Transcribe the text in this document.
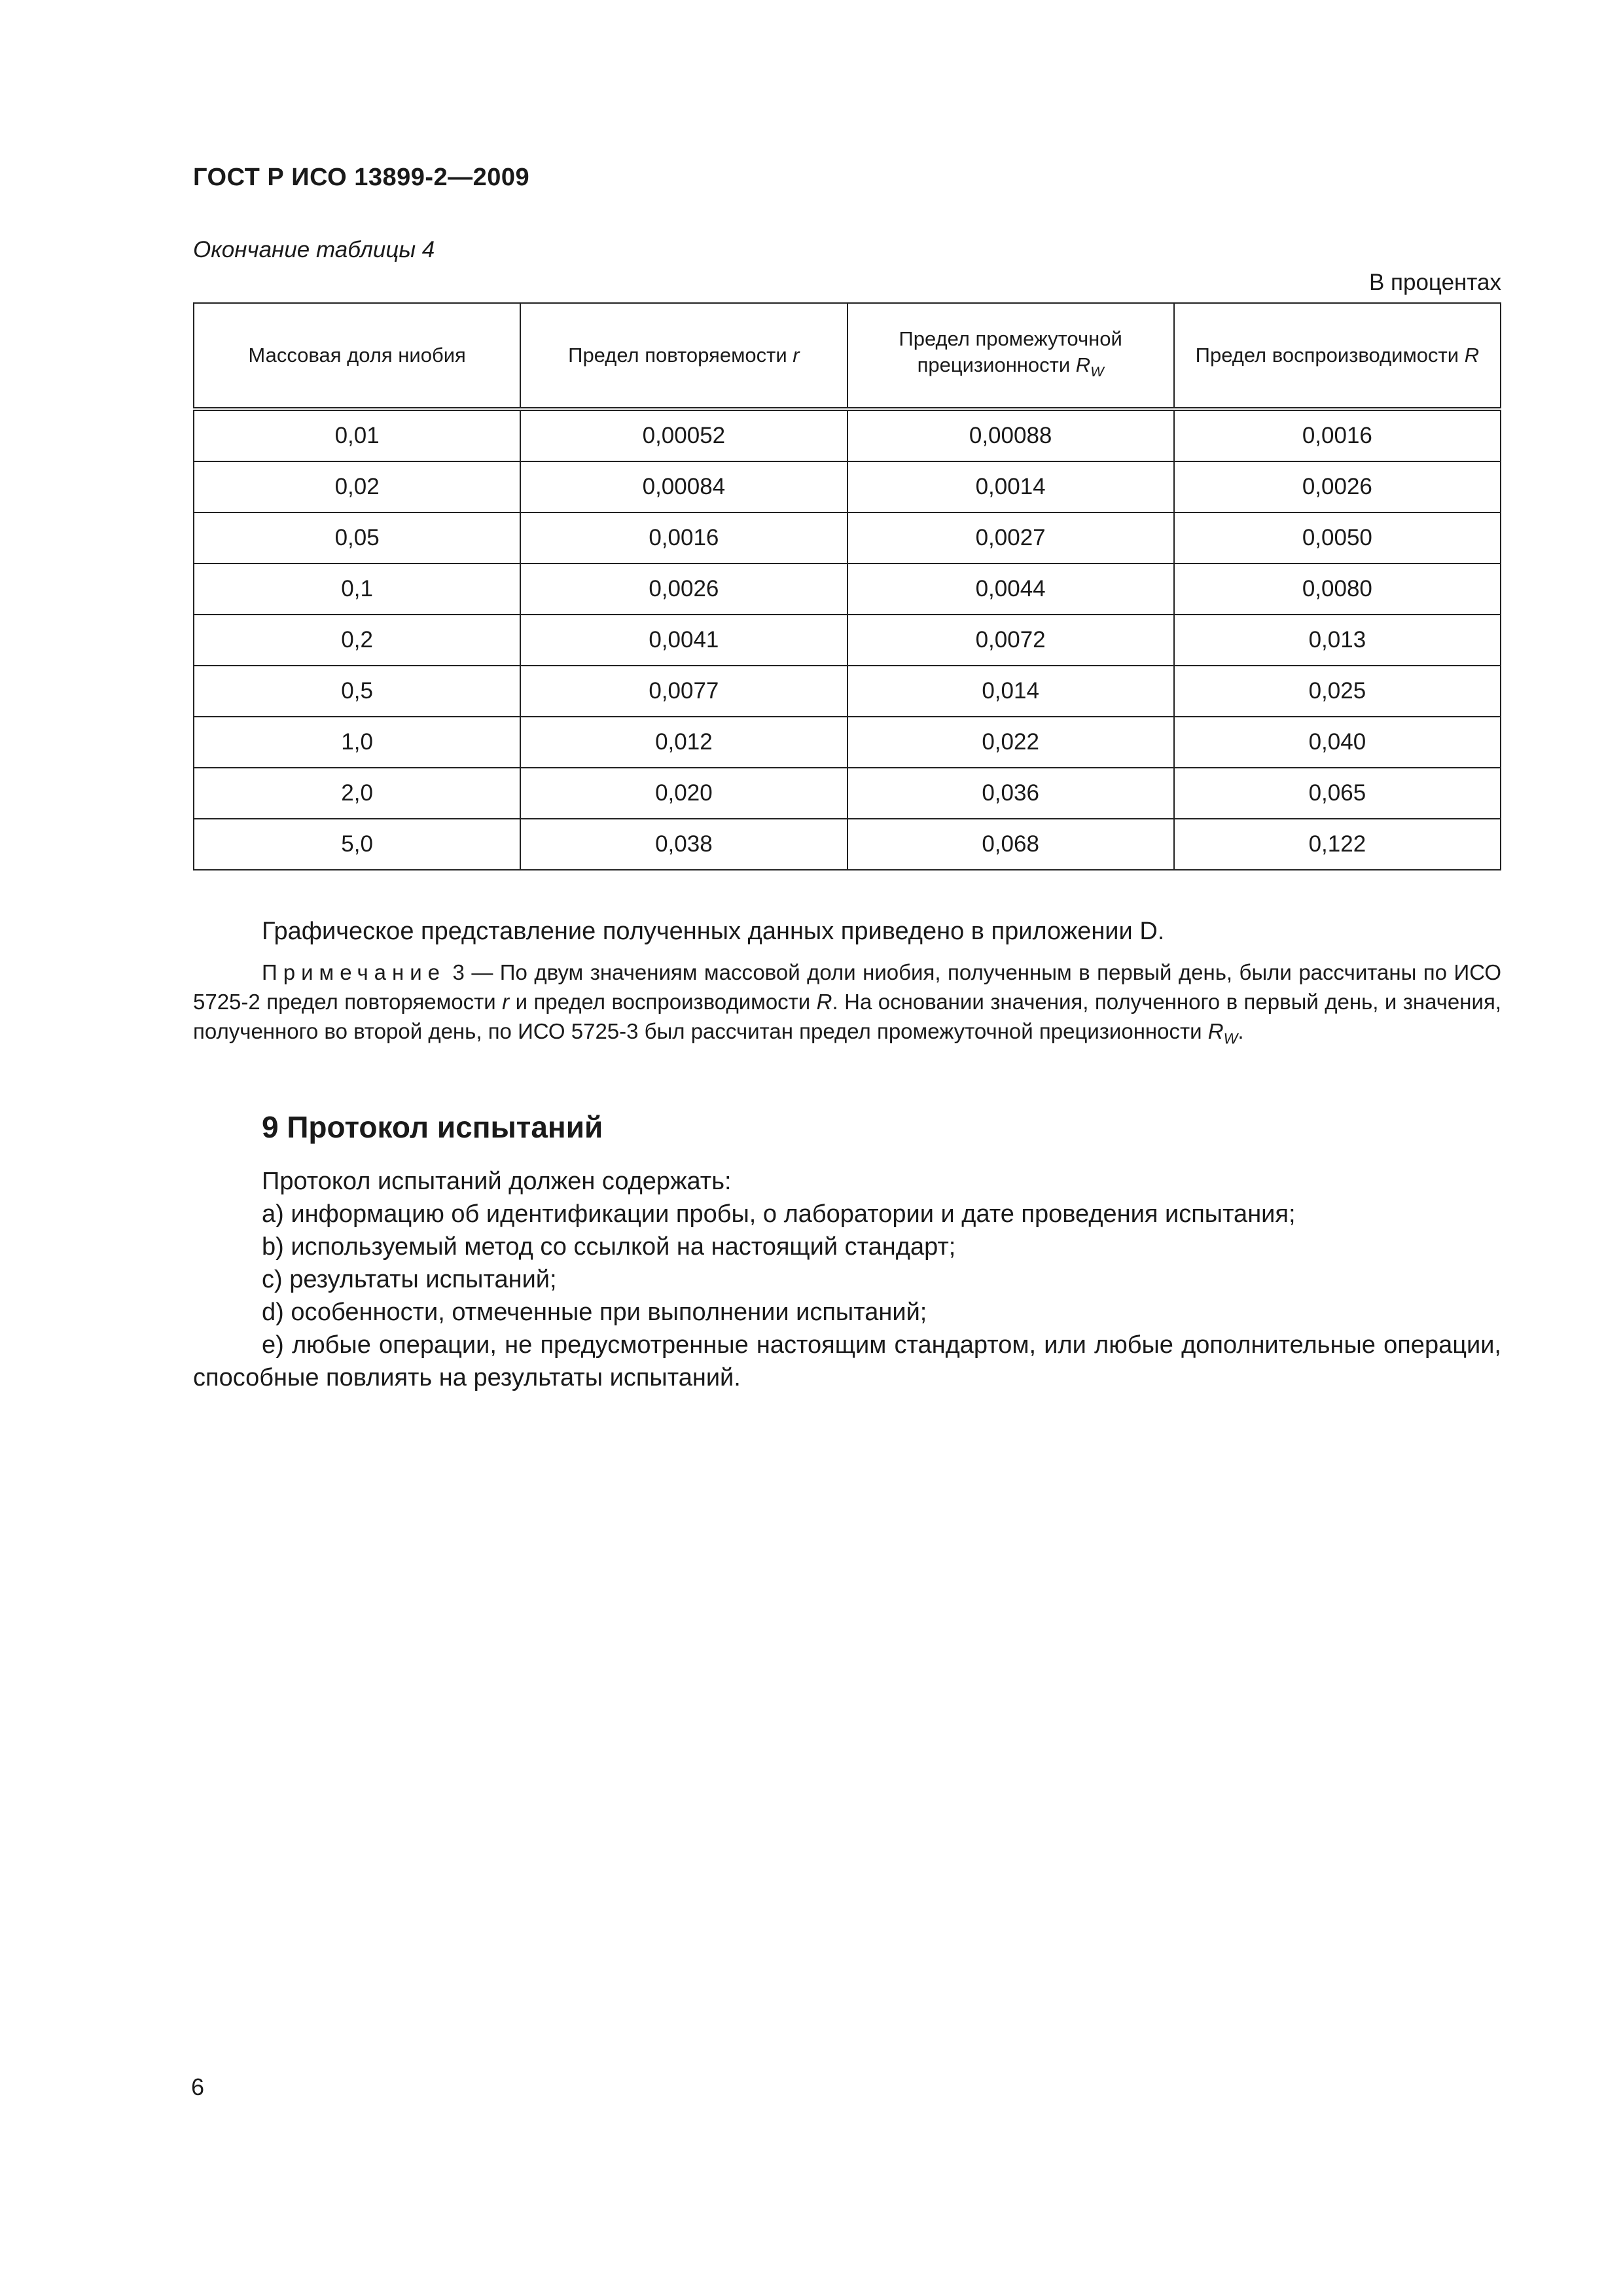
ГОСТ Р ИСО 13899-2—2009
Окончание таблицы 4
В процентах
Массовая доля ниобия	Предел повторяемости r	Предел промежуточной прецизионности $R_W$	Предел воспроизводимости R
0,01	0,00052	0,00088	0,0016
0,02	0,00084	0,0014	0,0026
0,05	0,0016	0,0027	0,0050
0,1	0,0026	0,0044	0,0080
0,2	0,0041	0,0072	0,013
0,5	0,0077	0,014	0,025
1,0	0,012	0,022	0,040
2,0	0,020	0,036	0,065
5,0	0,038	0,068	0,122
Графическое представление полученных данных приведено в приложении D.
Примечание 3 — По двум значениям массовой доли ниобия, полученным в первый день, были рассчитаны по ИСО 5725-2 предел повторяемости r и предел воспроизводимости R. На основании значения, полученного в первый день, и значения, полученного во второй день, по ИСО 5725-3 был рассчитан предел промежуточной прецизионности $R_W$.
9 Протокол испытаний
Протокол испытаний должен содержать:
а) информацию об идентификации пробы, о лаборатории и дате проведения испытания;
b) используемый метод со ссылкой на настоящий стандарт;
c) результаты испытаний;
d) особенности, отмеченные при выполнении испытаний;
e) любые операции, не предусмотренные настоящим стандартом, или любые дополнительные операции, способные повлиять на результаты испытаний.
6
